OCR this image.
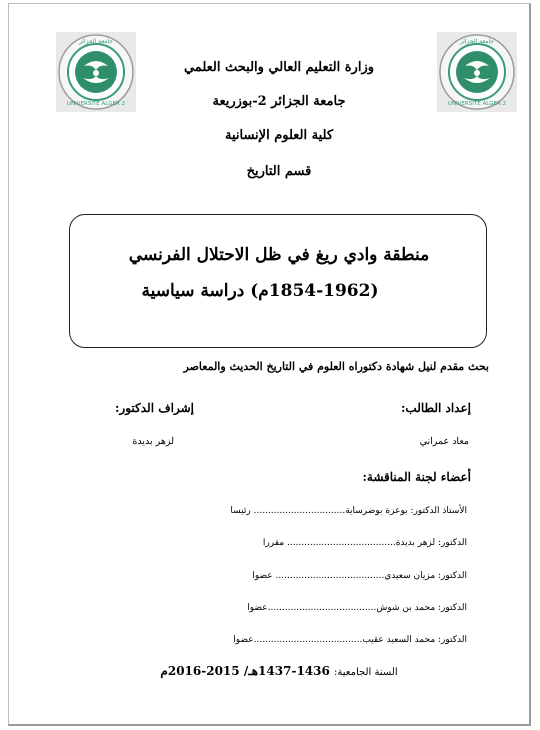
UNIVERSITE ALGER 2
جامعة الجزائر
UNIVERSITE ALGER 2
جامعة الجزائر
وزارة التعليم العالي والبحث العلمي
جامعة الجزائر 2-بوزريعة
كلية العلوم الإنسانية
قسم التاريخ
منطقة وادي ريغ في ظل الاحتلال الفرنسي
(1854-1962م) دراسة سياسية
بحث مقدم لنيل شهادة دكتوراه العلوم في التاريخ الحديث والمعاصر
إعداد الطالب:
إشراف الدكتور:
معاد عمراني
لزهر بديدة
أعضاء لجنة المناقشة:
الأستاذ الدكتور: بوعزة بوضرساية................................ رئيسا
الدكتور: لزهر بديدة...................................... مقررا
الدكتور: مزيان سعيدي...................................... عضوا
الدكتور: محمد بن شوش......................................عضوا
الدكتور: محمد السعيد عقيب......................................عضوا
السنة الجامعية: 1436-1437هـ/ 2015-2016م
